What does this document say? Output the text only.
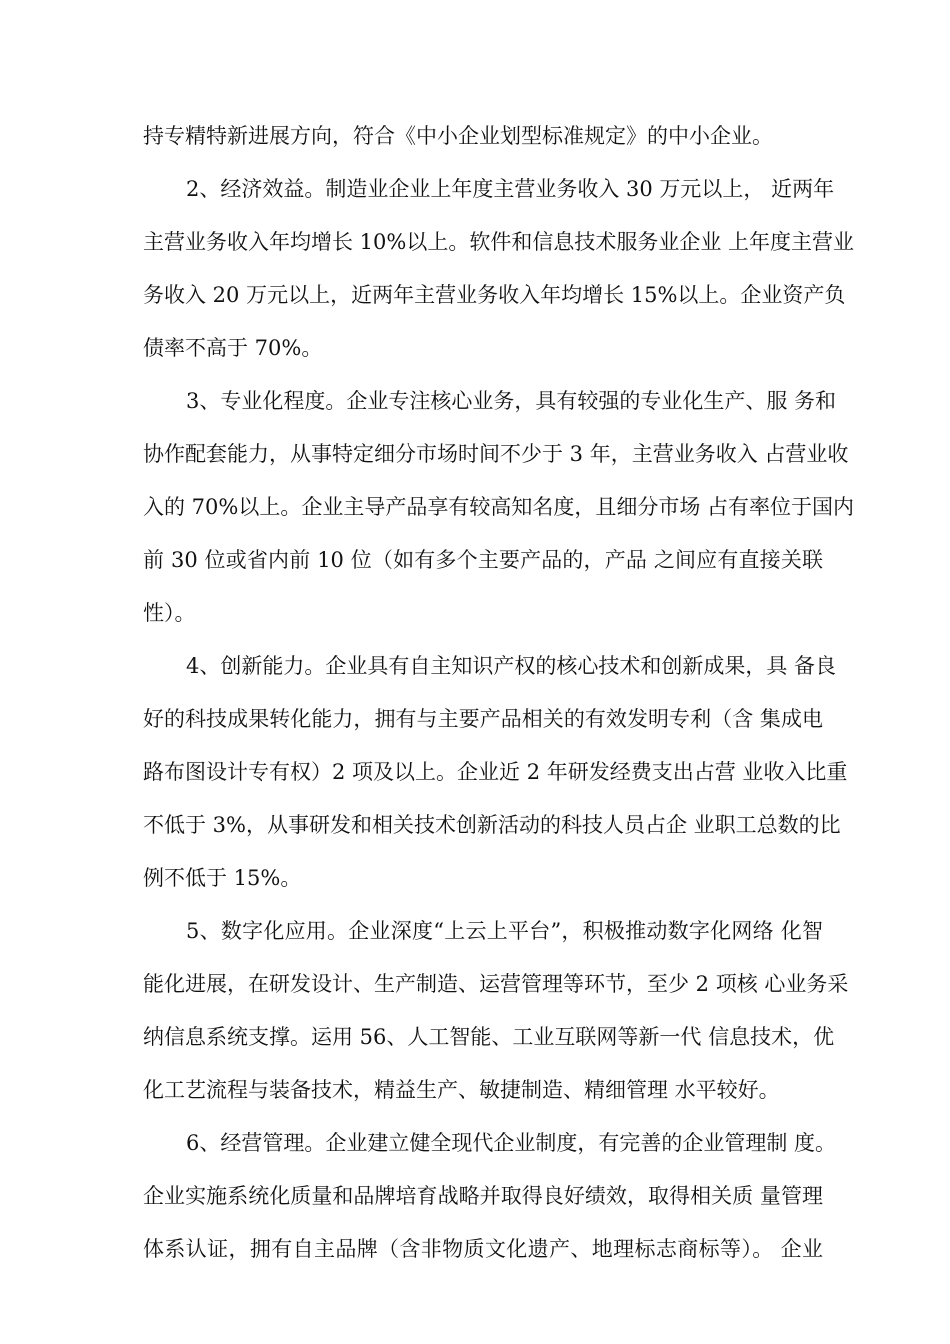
持专精特新进展方向，符合《中小企业划型标准规定》的中小企业。
2、经济效益。制造业企业上年度主营业务收入 30 万元以上， 近两年
主营业务收入年均增长 10%以上。软件和信息技术服务业企业 上年度主营业
务收入 20 万元以上，近两年主营业务收入年均增长 15%以上。企业资产负
债率不高于 70%。
3、专业化程度。企业专注核心业务，具有较强的专业化生产、服 务和
协作配套能力，从事特定细分市场时间不少于 3 年，主营业务收入 占营业收
入的 70%以上。企业主导产品享有较高知名度，且细分市场 占有率位于国内
前 30 位或省内前 10 位（如有多个主要产品的，产品 之间应有直接关联
性）。
4、创新能力。企业具有自主知识产权的核心技术和创新成果，具 备良
好的科技成果转化能力，拥有与主要产品相关的有效发明专利（含 集成电
路布图设计专有权）2 项及以上。企业近 2 年研发经费支出占营 业收入比重
不低于 3%，从事研发和相关技术创新活动的科技人员占企 业职工总数的比
例不低于 15%。
5、数字化应用。企业深度“上云上平台”，积极推动数字化网络 化智
能化进展，在研发设计、生产制造、运营管理等环节，至少 2 项核 心业务采
纳信息系统支撑。运用 56、人工智能、工业互联网等新一代 信息技术，优
化工艺流程与装备技术，精益生产、敏捷制造、精细管理 水平较好。
6、经营管理。企业建立健全现代企业制度，有完善的企业管理制 度。
企业实施系统化质量和品牌培育战略并取得良好绩效，取得相关质 量管理
体系认证，拥有自主品牌（含非物质文化遗产、地理标志商标等）。 企业
